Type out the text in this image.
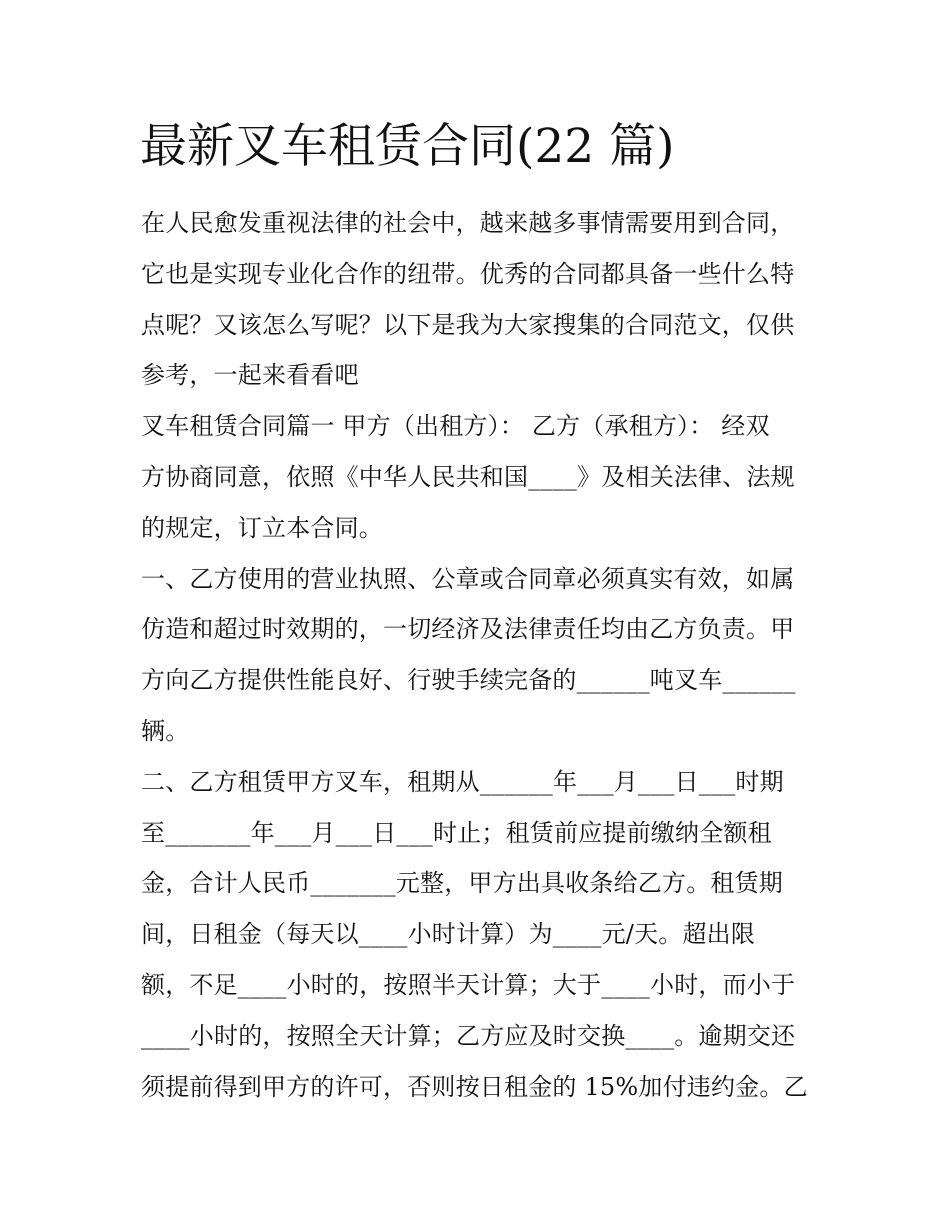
最新叉车租赁合同(22 篇)
在人民愈发重视法律的社会中，越来越多事情需要用到合同，
它也是实现专业化合作的纽带。优秀的合同都具备一些什么特
点呢？又该怎么写呢？以下是我为大家搜集的合同范文，仅供
参考，一起来看看吧
叉车租赁合同篇一 甲方（出租方）： 乙方（承租方）： 经双
方协商同意，依照《中华人民共和国____》及相关法律、法规
的规定，订立本合同。
一、乙方使用的营业执照、公章或合同章必须真实有效，如属
仿造和超过时效期的，一切经济及法律责任均由乙方负责。甲
方向乙方提供性能良好、行驶手续完备的______吨叉车______
辆。
二、乙方租赁甲方叉车，租期从______年___月___日___时期
至_______年___月___日___时止；租赁前应提前缴纳全额租
金，合计人民币_______元整，甲方出具收条给乙方。租赁期
间，日租金（每天以____小时计算）为____元/天。超出限
额，不足____小时的，按照半天计算；大于____小时，而小于
____小时的，按照全天计算；乙方应及时交换____。逾期交还
须提前得到甲方的许可，否则按日租金的 15%加付违约金。乙
